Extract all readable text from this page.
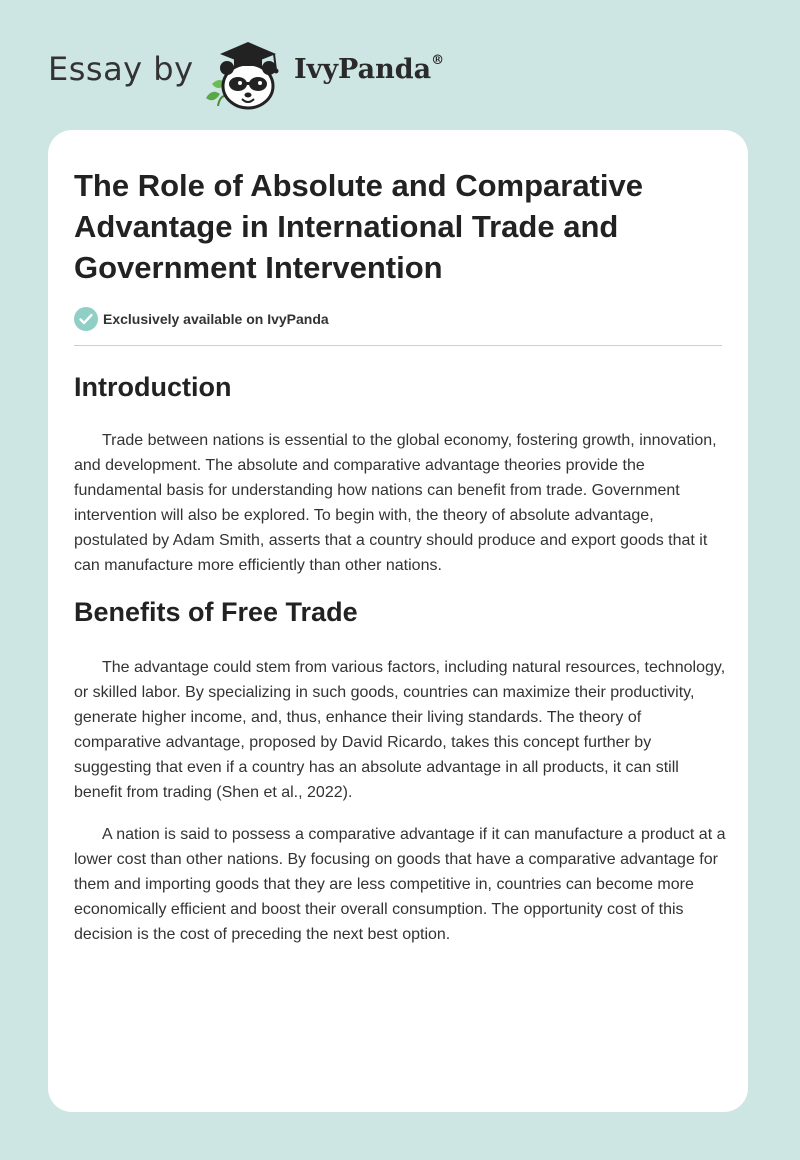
Essay by	IvyPanda®
The Role of Absolute and Comparative Advantage in International Trade and Government Intervention
Exclusively available on IvyPanda
Introduction

Trade between nations is essential to the global economy, fostering growth, innovation, and development. The absolute and comparative advantage theories provide the fundamental basis for understanding how nations can benefit from trade. Government intervention will also be explored. To begin with, the theory of absolute advantage, postulated by Adam Smith, asserts that a country should produce and export goods that it can manufacture more efficiently than other nations.

Benefits of Free Trade

The advantage could stem from various factors, including natural resources, technology, or skilled labor. By specializing in such goods, countries can maximize their productivity, generate higher income, and, thus, enhance their living standards. The theory of comparative advantage, proposed by David Ricardo, takes this concept further by suggesting that even if a country has an absolute advantage in all products, it can still benefit from trading (Shen et al., 2022).

A nation is said to possess a comparative advantage if it can manufacture a product at a lower cost than other nations. By focusing on goods that have a comparative advantage for them and importing goods that they are less competitive in, countries can become more economically efficient and boost their overall consumption. The opportunity cost of this decision is the cost of preceding the next best option.
